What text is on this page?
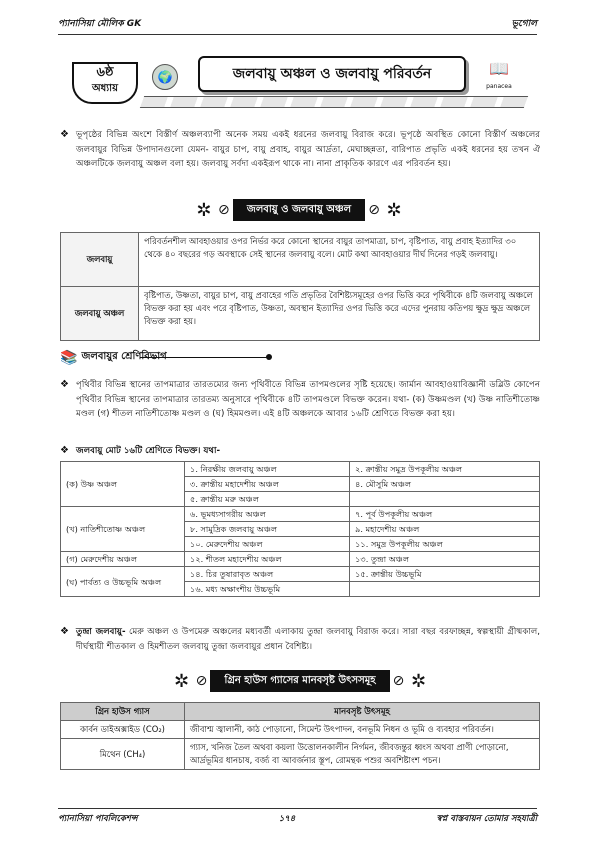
প্যানাসিয়া মৌলিক GK	ভূগোল
৬ষ্ঠ
অধ্যায়
🌍	জলবায়ু অঞ্চল ও জলবায়ু পরিবর্তন	📖
panacea

❖ ভূপৃষ্ঠের বিভিন্ন অংশে বিস্তীর্ণ অঞ্চলব্যাপী অনেক সময় একই ধরনের জলবায়ু বিরাজ করে। ভূপৃষ্ঠে অবস্থিত কোনো বিস্তীর্ণ অঞ্চলের জলবায়ুর বিভিন্ন উপাদানগুলো যেমন- বায়ুর চাপ, বায়ু প্রবাহ, বায়ুর আর্দ্রতা, মেঘাচ্ছন্নতা, বারিপাত প্রভৃতি একই ধরনের হয় তখন ঐ অঞ্চলটিকে জলবায়ু অঞ্চল বলা হয়। জলবায়ু সর্বদা একইরূপ থাকে না। নানা প্রাকৃতিক কারণে এর পরিবর্তন হয়।

✲ ⊘	জলবায়ু ও জলবায়ু অঞ্চল	⊘ ✲
জলবায়ু	পরিবর্তনশীল আবহাওয়ার ওপর নির্ভর করে কোনো স্থানের বায়ুর তাপমাত্রা, চাপ, বৃষ্টিপাত, বায়ু প্রবাহ ইত্যাদির ৩০ থেকে ৪০ বছরের গড় অবস্থাকে সেই স্থানের জলবায়ু বলে। মোট কথা আবহাওয়ার দীর্ঘ দিনের গড়ই জলবায়ু।
জলবায়ু অঞ্চল	বৃষ্টিপাত, উষ্ণতা, বায়ুর চাপ, বায়ু প্রবাহের গতি প্রভৃতির বৈশিষ্ট্যসমূহের ওপর ভিত্তি করে পৃথিবীকে ৪টি জলবায়ু অঞ্চলে বিভক্ত করা হয় এবং পরে বৃষ্টিপাত, উষ্ণতা, অবস্থান ইত্যাদির ওপর ভিত্তি করে এদের পুনরায় কতিপয় ক্ষুদ্র ক্ষুদ্র অঞ্চলে বিভক্ত করা হয়।
📚 জলবায়ুর শ্রেণিবিভাগ

❖ পৃথিবীর বিভিন্ন স্থানের তাপমাত্রার তারতম্যের জন্য পৃথিবীতে বিভিন্ন তাপমণ্ডলের সৃষ্টি হয়েছে। জার্মান আবহাওয়াবিজ্ঞানী ডব্লিউ কোপেন পৃথিবীর বিভিন্ন স্থানের তাপমাত্রার তারতম্য অনুসারে পৃথিবীকে ৪টি তাপমণ্ডলে বিভক্ত করেন। যথা- (ক) উষ্ণমণ্ডল (খ) উষ্ণ নাতিশীতোষ্ণ মণ্ডল (গ) শীতল নাতিশীতোষ্ণ মণ্ডল ও (ঘ) হিমমণ্ডল। এই ৪টি অঞ্চলকে আবার ১৬টি শ্রেণিতে বিভক্ত করা হয়।

❖ জলবায়ু মোট ১৬টি শ্রেণিতে বিভক্ত। যথা-

(ক) উষ্ণ অঞ্চল	১. নিরক্ষীয় জলবায়ু অঞ্চল	২. ক্রান্তীয় সমুদ্র উপকূলীয় অঞ্চল
	৩. ক্রান্তীয় মহাদেশীয় অঞ্চল	৪. মৌসুমি অঞ্চল
	৫. ক্রান্তীয় মরু অঞ্চল	
(খ) নাতিশীতোষ্ণ অঞ্চল	৬. ভূমধ্যসাগরীয় অঞ্চল	৭. পূর্ব উপকূলীয় অঞ্চল
	৮. সামুদ্রিক জলবায়ু অঞ্চল	৯. মহাদেশীয় অঞ্চল
	১০. মেরুদেশীয় অঞ্চল	১১. সমুদ্র উপকূলীয় অঞ্চল
(গ) মেরুদেশীয় অঞ্চল	১২. শীতল মহাদেশীয় অঞ্চল	১৩. তুন্দ্রা অঞ্চল
(ঘ) পার্বত্য ও উচ্চভূমি অঞ্চল	১৪. চির তুষারাবৃত অঞ্চল	১৫. ক্রান্তীয় উচ্চভূমি
	১৬. মধ্য অক্ষাংশীয় উচ্চভূমি	

❖ তুন্দ্রা জলবায়ু- মেরু অঞ্চল ও উপমেরু অঞ্চলের মধ্যবর্তী এলাকায় তুন্দ্রা জলবায়ু বিরাজ করে। সারা বছর বরফাচ্ছন্ন, স্বল্পস্থায়ী গ্রীষ্মকাল, দীর্ঘস্থায়ী শীতকাল ও হিমশীতল জলবায়ু তুন্দ্রা জলবায়ুর প্রধান বৈশিষ্ট্য।

✲ ⊘	গ্রিন হাউস গ্যাসের মানবসৃষ্ট উৎসসমূহ	⊘ ✲
গ্রিন হাউস গ্যাস	মানবসৃষ্ট উৎসমূহ
কার্বন ডাইঅক্সাইড (CO₂)	জীবাশ্ম জ্বালানী, কাঠ পোড়ানো, সিমেন্ট উৎপাদন, বনভূমি নিধন ও ভূমি ও ব্যবহার পরিবর্তন।
মিথেন (CH₄)	গ্যাস, খনিজ তৈল অথবা কয়লা উত্তোলনকালীন নির্গমন, জীবজন্তুর ধ্বংস অথবা প্রাণী পোড়ানো, আর্দ্রভূমির ধানচাষ, বর্জ্য বা আবর্জনার স্তূপ, রোমন্থক পশুর অবশিষ্টাংশ পচন।
প্যানাসিয়া পাবলিকেশন্স	১৭৪	স্বপ্ন বাস্তবায়ন তোমার সহযাত্রী
